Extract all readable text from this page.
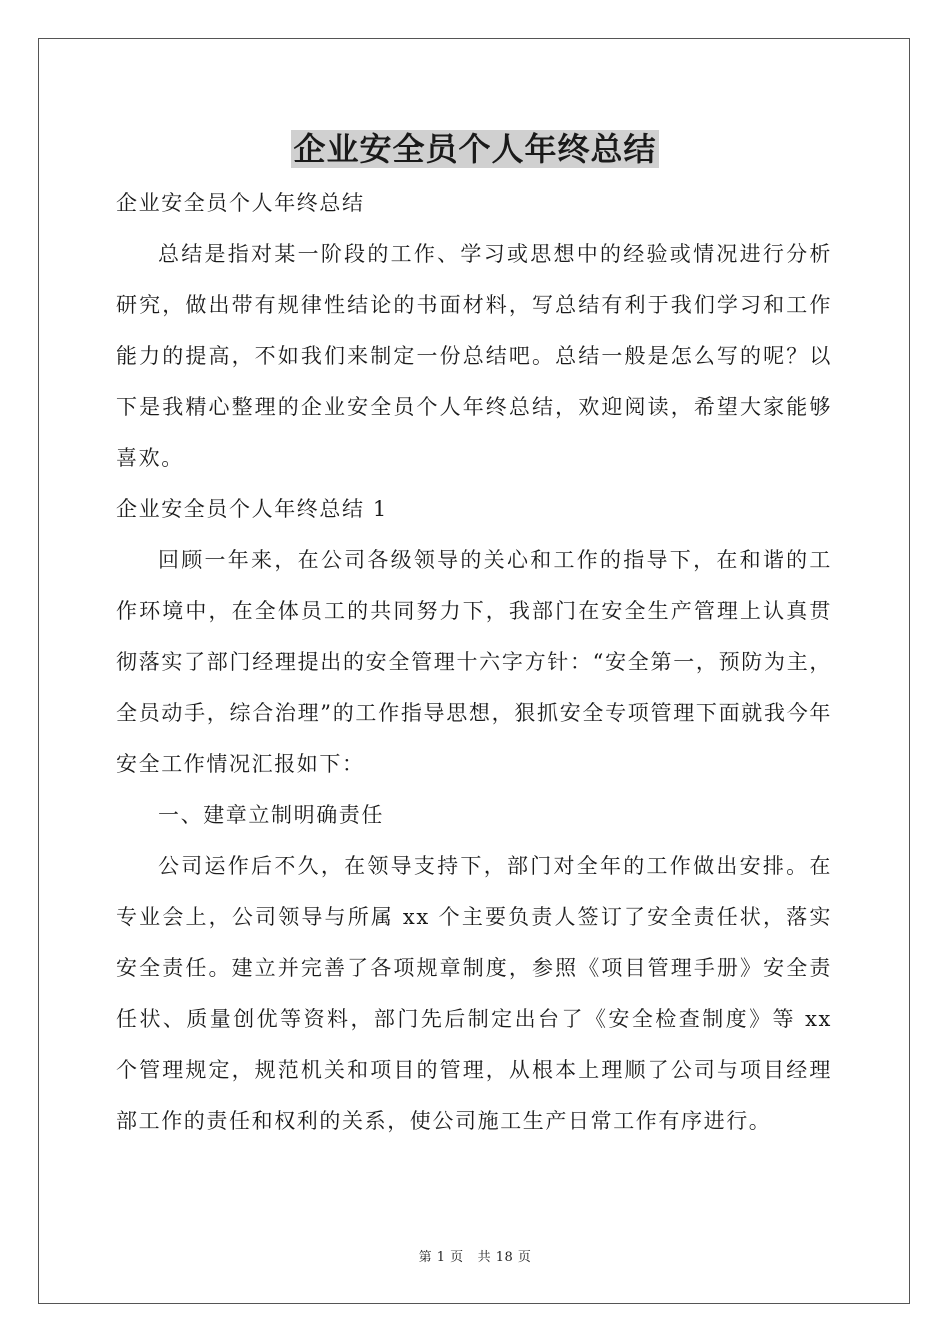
企业安全员个人年终总结

企业安全员个人年终总结

总结是指对某一阶段的工作、学习或思想中的经验或情况进行分析研究，做出带有规律性结论的书面材料，写总结有利于我们学习和工作能力的提高，不如我们来制定一份总结吧。总结一般是怎么写的呢？以下是我精心整理的企业安全员个人年终总结，欢迎阅读，希望大家能够喜欢。

企业安全员个人年终总结 1

回顾一年来，在公司各级领导的关心和工作的指导下，在和谐的工作环境中，在全体员工的共同努力下，我部门在安全生产管理上认真贯彻落实了部门经理提出的安全管理十六字方针：“安全第一，预防为主，全员动手，综合治理”的工作指导思想，狠抓安全专项管理下面就我今年安全工作情况汇报如下：

一、建章立制明确责任

公司运作后不久，在领导支持下，部门对全年的工作做出安排。在专业会上，公司领导与所属 xx 个主要负责人签订了安全责任状，落实安全责任。建立并完善了各项规章制度，参照《项目管理手册》安全责任状、质量创优等资料，部门先后制定出台了《安全检查制度》等 xx 个管理规定，规范机关和项目的管理，从根本上理顺了公司与项目经理部工作的责任和权利的关系，使公司施工生产日常工作有序进行。

第 1 页 共 18 页
